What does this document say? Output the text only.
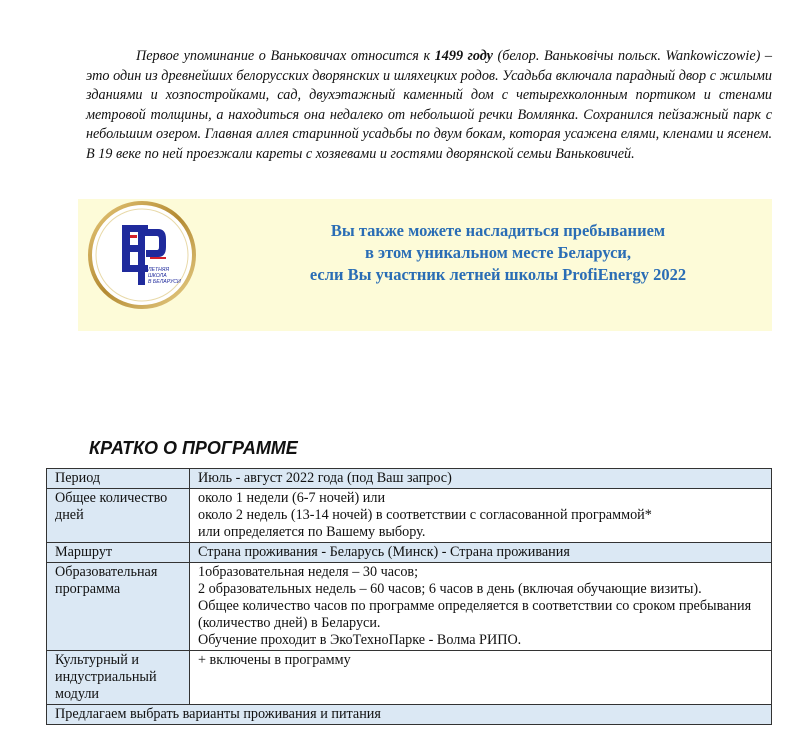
Первое упоминание о Ваньковичах относится к 1499 году (белор. Ванькoвiчы польск. Wankowiczowie) – это один из древнейших белорусских дворянских и шляхецких родов. Усадьба включала парадный двор с жилыми зданиями и хозпостройками, сад, двухэтажный каменный дом с четырехколонным портиком и стенами метровой толщины, а находиться она недалеко от небольшой речки Вомлянка. Сохранился пейзажный парк с небольшим озером. Главная аллея старинной усадьбы по двум бокам, которая усажена елями, кленами и ясенем. В 19 веке по ней проезжали кареты с хозяевами и гостями дворянской семьи Ваньковичей.

ЛЕТНЯЯ
ШКОЛА
В БЕЛАРУСИ
Вы также можете насладиться пребыванием
в этом уникальном месте Беларуси,
если Вы участник летней школы ProfiEnergy 2022
КРАТКО О ПРОГРАММЕ
Период	Июль - август 2022 года (под Ваш запрос)

Общее количество дней	около 1 недели (6-7 ночей) или

около 2 недель (13-14 ночей) в соответствии с согласованной программой*

или определяется по Вашему выбору.

Маршрут	Страна проживания - Беларусь (Минск) - Страна проживания

Образовательная программа	1образовательная неделя – 30 часов;

2 образовательных недель – 60 часов; 6 часов в день (включая обучающие визиты).

Общее количество часов по программе определяется в соответствии со сроком пребывания (количество дней) в Беларуси.

Обучение проходит в ЭкоТехноПарке - Волма РИПО.

Культурный и индустриальный модули	+ включены в программу

Предлагаем выбрать варианты проживания и питания	
